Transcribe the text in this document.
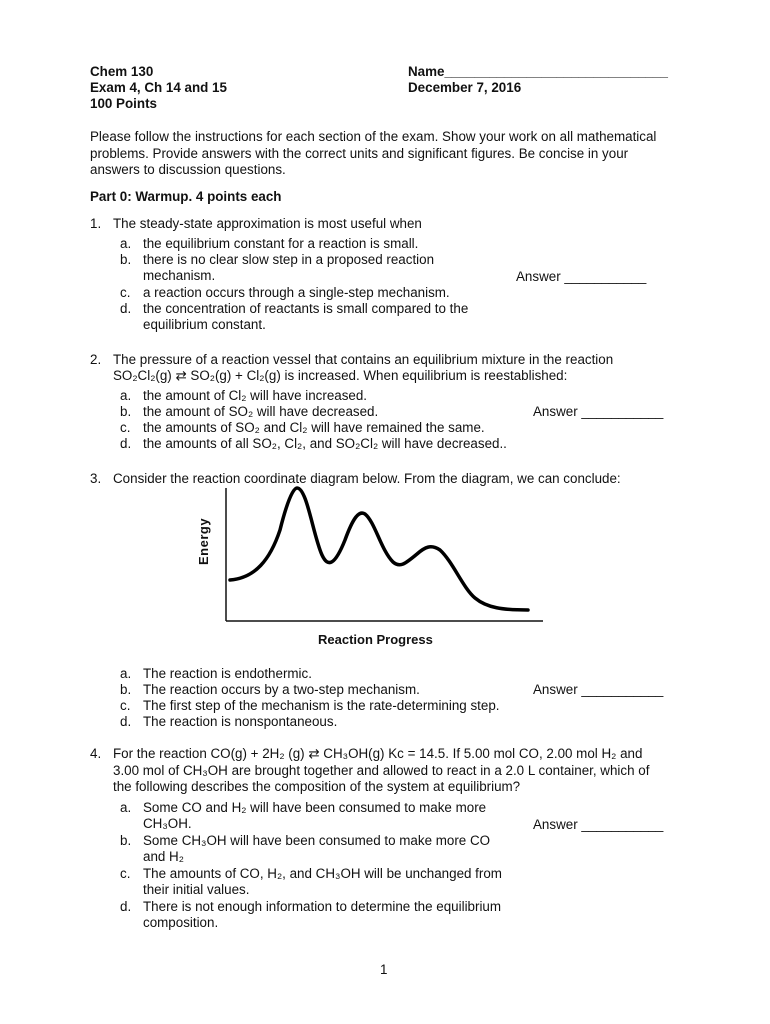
Chem 130
Exam 4, Ch 14 and 15
100 Points
Name______________________________
December 7, 2016
Please follow the instructions for each section of the exam. Show your work on all mathematical
problems. Provide answers with the correct units and significant figures. Be concise in your
answers to discussion questions.
Part 0: Warmup. 4 points each
1. The steady-state approximation is most useful when
a. the equilibrium constant for a reaction is small.
b. there is no clear slow step in a proposed reaction
mechanism.
c. a reaction occurs through a single-step mechanism.
d. the concentration of reactants is small compared to the
equilibrium constant.
Answer ___________
2. The pressure of a reaction vessel that contains an equilibrium mixture in the reaction
SO₂Cl₂(g) ⇄ SO₂(g) + Cl₂(g) is increased. When equilibrium is reestablished:
a. the amount of Cl₂ will have increased.
b. the amount of SO₂ will have decreased.
c. the amounts of SO₂ and Cl₂ will have remained the same.
d. the amounts of all SO₂, Cl₂, and SO₂Cl₂ will have decreased..
Answer ___________
3. Consider the reaction coordinate diagram below. From the diagram, we can conclude:
Energy
Reaction Progress
a. The reaction is endothermic.
b. The reaction occurs by a two-step mechanism.
c. The first step of the mechanism is the rate-determining step.
d. The reaction is nonspontaneous.
Answer ___________
4. For the reaction CO(g) + 2H₂ (g) ⇄ CH₃OH(g) Kc = 14.5. If 5.00 mol CO, 2.00 mol H₂ and
3.00 mol of CH₃OH are brought together and allowed to react in a 2.0 L container, which of
the following describes the composition of the system at equilibrium?
a. Some CO and H₂ will have been consumed to make more
CH₃OH.
b. Some CH₃OH will have been consumed to make more CO
and H₂
c. The amounts of CO, H₂, and CH₃OH will be unchanged from
their initial values.
d. There is not enough information to determine the equilibrium
composition.
Answer ___________
1
